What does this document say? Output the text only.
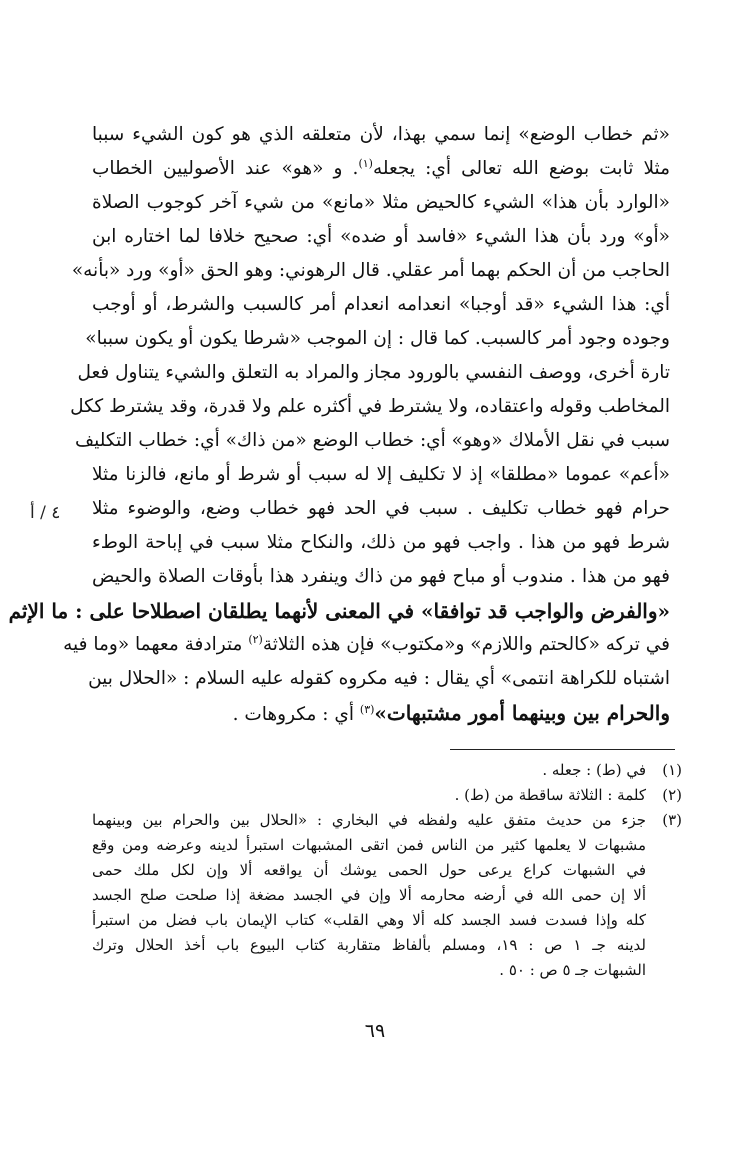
«ثم خطاب الوضع» إنما سمي بهذا، لأن متعلقه الذي هو كون الشيء سببا
مثلا ثابت بوضع الله تعالى أي: يجعله$^{(١)}$. و «هو» عند الأصوليين الخطاب
«الوارد بأن هذا» الشيء كالحيض مثلا «مانع» من شيء آخر كوجوب الصلاة
«أو» ورد بأن هذا الشيء «فاسد أو ضده» أي: صحيح خلافا لما اختاره ابن
الحاجب من أن الحكم بهما أمر عقلي. قال الرهوني: وهو الحق «أو» ورد «بأنه»
أي: هذا الشيء «قد أوجبا» انعدامه انعدام أمر كالسبب والشرط، أو أوجب
وجوده وجود أمر كالسبب. كما قال : إن الموجب «شرطا يكون أو يكون سببا»
تارة أخرى، ووصف النفسي بالورود مجاز والمراد به التعلق والشيء يتناول فعل
المخاطب وقوله واعتقاده، ولا يشترط في أكثره علم ولا قدرة، وقد يشترط ككل
سبب في نقل الأملاك «وهو» أي: خطاب الوضع «من ذاك» أي: خطاب التكليف
«أعم» عموما «مطلقا» إذ لا تكليف إلا له سبب أو شرط أو مانع، فالزنا مثلا
حرام فهو خطاب تكليف . سبب في الحد فهو خطاب وضع، والوضوء مثلا
شرط فهو من هذا . واجب فهو من ذلك، والنكاح مثلا سبب في إباحة الوطء
فهو من هذا . مندوب أو مباح فهو من ذاك وينفرد هذا بأوقات الصلاة والحيض
«والفرض والواجب قد توافقا» في المعنى لأنهما يطلقان اصطلاحا على : ما الإثم
في تركه «كالحتم واللازم» و«مكتوب» فإن هذه الثلاثة$^{(٢)}$ مترادفة معهما «وما فيه
اشتباه للكراهة انتمى» أي يقال : فيه مكروه كقوله عليه السلام : «الحلال بين
والحرام بين وبينهما أمور مشتبهات»$^{(٣)}$ أي : مكروهات .
٤ / أ
(١)
في (ط) : جعله .
(٢)
كلمة : الثلاثة ساقطة من (ط) .
(٣)
جزء من حديث متفق عليه ولفظه في البخاري : «الحلال بين والحرام بين وبينهما
مشبهات لا يعلمها كثير من الناس فمن اتقى المشبهات استبرأ لدينه وعرضه ومن وقع
في الشبهات كراع يرعى حول الحمى يوشك أن يواقعه ألا وإن لكل ملك حمى
ألا إن حمى الله في أرضه محارمه ألا وإن في الجسد مضغة إذا صلحت صلح الجسد
كله وإذا فسدت فسد الجسد كله ألا وهي القلب» كتاب الإيمان باب فضل من استبرأ
لدينه جـ ١ ص : ١٩، ومسلم بألفاظ متقاربة كتاب البيوع باب أخذ الحلال وترك
الشبهات جـ ٥ ص : ٥٠ .
٦٩
